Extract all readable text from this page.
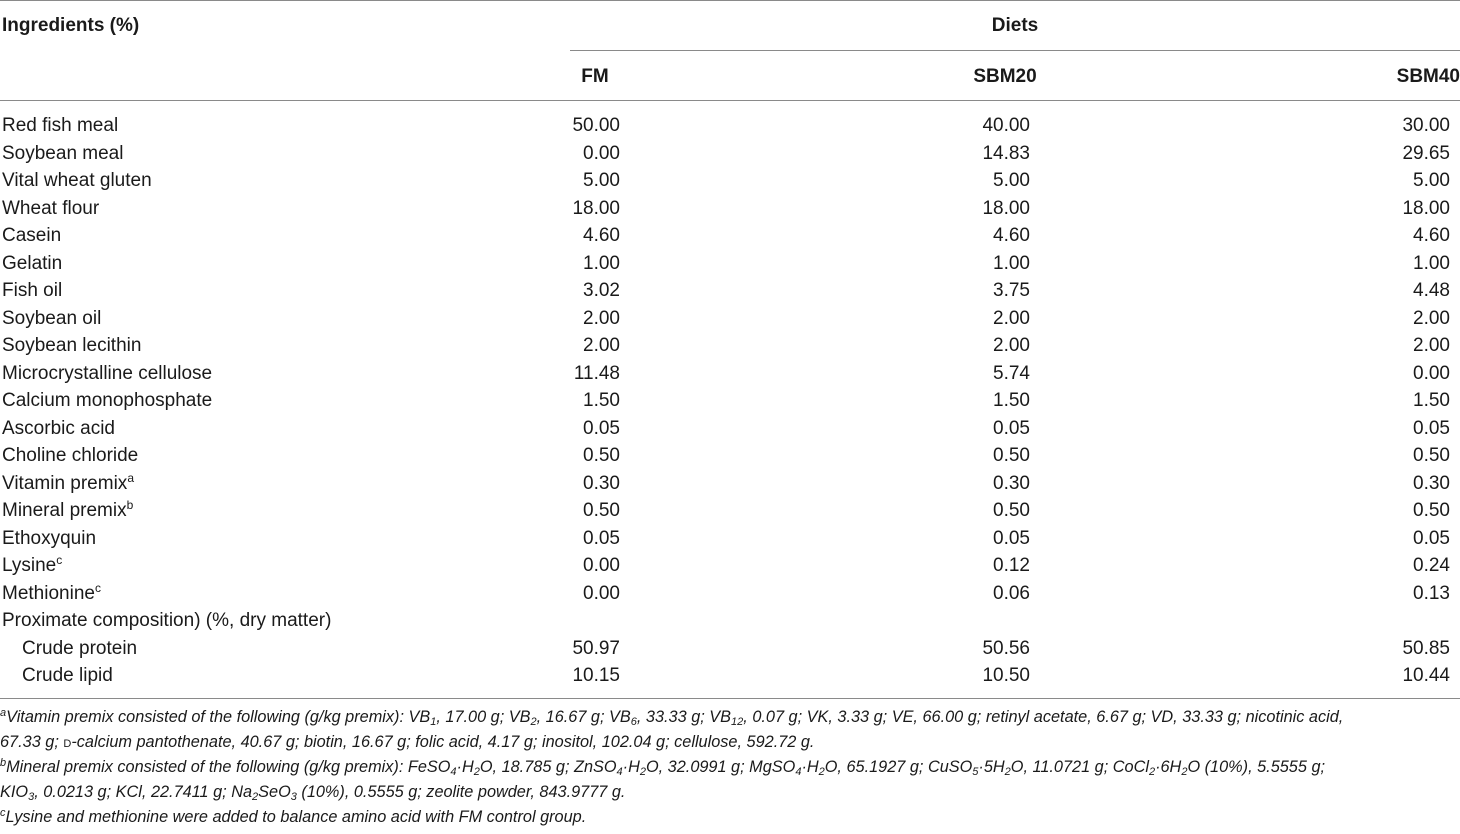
Ingredients (%)	Diets
FM	SBM20	SBM40
Red fish meal	50.00	40.00	30.00
Soybean meal	0.00	14.83	29.65
Vital wheat gluten	5.00	5.00	5.00
Wheat flour	18.00	18.00	18.00
Casein	4.60	4.60	4.60
Gelatin	1.00	1.00	1.00
Fish oil	3.02	3.75	4.48
Soybean oil	2.00	2.00	2.00
Soybean lecithin	2.00	2.00	2.00
Microcrystalline cellulose	11.48	5.74	0.00
Calcium monophosphate	1.50	1.50	1.50
Ascorbic acid	0.05	0.05	0.05
Choline chloride	0.50	0.50	0.50
Vitamin premix$^a$	0.30	0.30	0.30
Mineral premix$^b$	0.50	0.50	0.50
Ethoxyquin	0.05	0.05	0.05
Lysine$^c$	0.00	0.12	0.24
Methionine$^c$	0.00	0.06	0.13
Proximate composition) (%, dry matter)
Crude protein	50.97	50.56	50.85
Crude lipid	10.15	10.50	10.44
$^a$Vitamin premix consisted of the following (g/kg premix): $VB_1$, 17.00 g; $VB_2$, 16.67 g; $VB_6$, 33.33 g; $VB_{12}$, 0.07 g; VK, 3.33 g; VE, 66.00 g; retinyl acetate, 6.67 g; VD, 33.33 g; nicotinic acid,
67.33 g; d-calcium pantothenate, 40.67 g; biotin, 16.67 g; folic acid, 4.17 g; inositol, 102.04 g; cellulose, 592.72 g.
$^b$Mineral premix consisted of the following (g/kg premix): $FeSO_4\cdot H_2O$, 18.785 g; $ZnSO_4\cdot H_2O$, 32.0991 g; $MgSO_4\cdot H_2O$, 65.1927 g; $CuSO_5\cdot 5H_2O$, 11.0721 g; $CoCl_2\cdot 6H_2O$ (10%), 5.5555 g;
$KIO_3$, 0.0213 g; KCl, 22.7411 g; $Na_2SeO_3$ (10%), 0.5555 g; zeolite powder, 843.9777 g.
$^c$Lysine and methionine were added to balance amino acid with FM control group.
